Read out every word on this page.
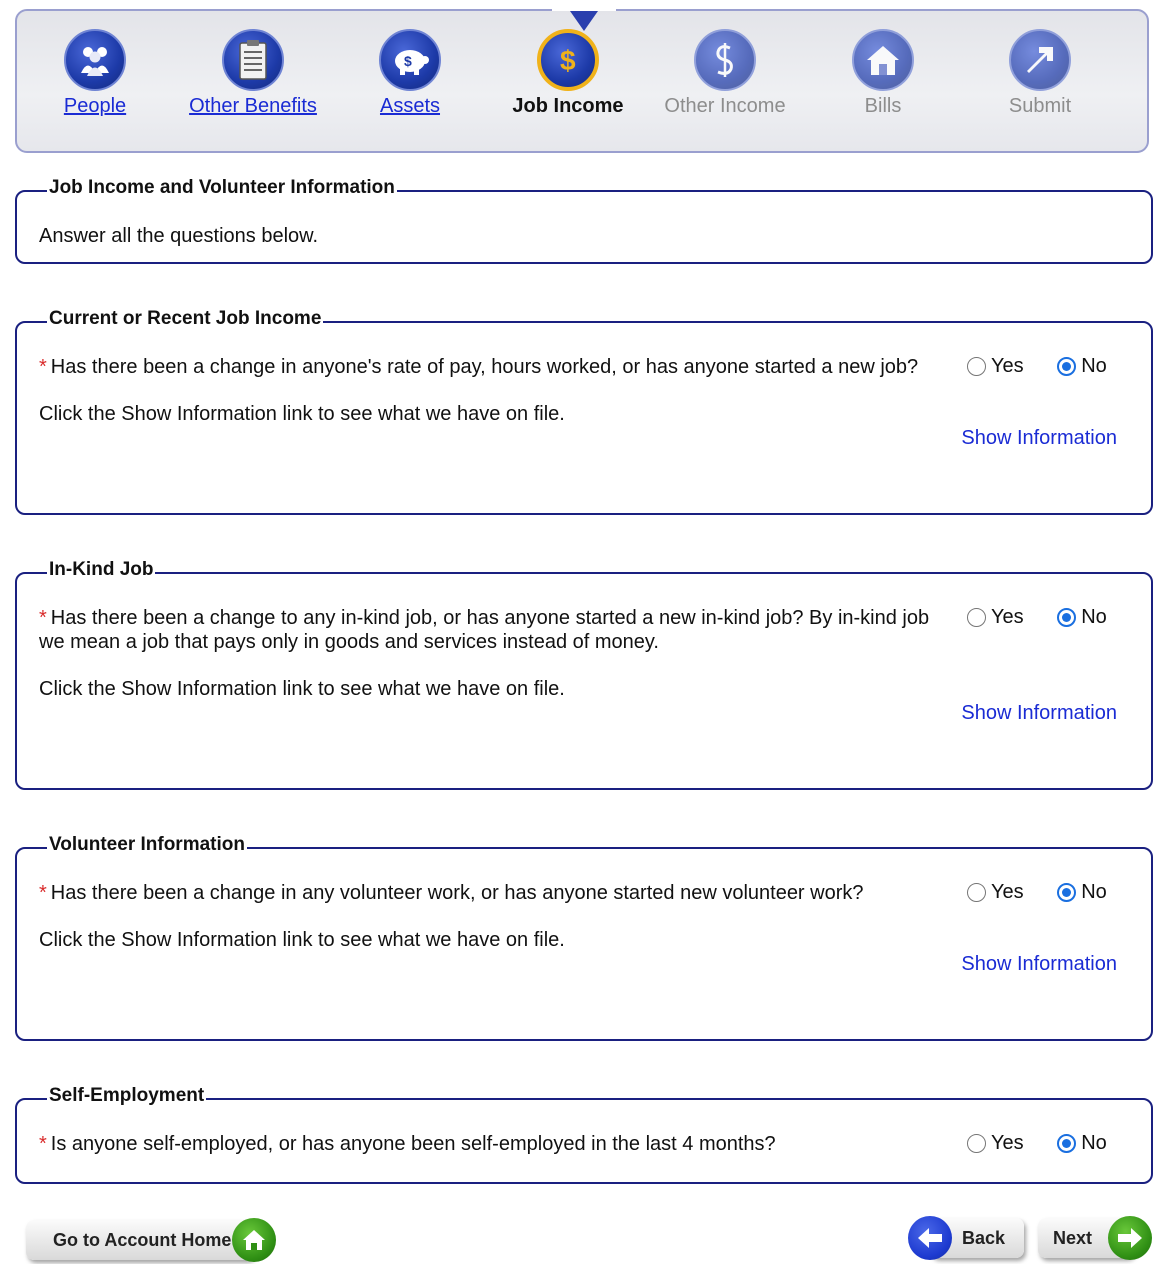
People	Other Benefits
$
Assets
$
Job Income	Other Income	Bills	Submit
Job Income and Volunteer Information
Answer all the questions below.
Current or Recent Job Income
* Has there been a change in anyone's rate of pay, hours worked, or has anyone started a new job?	Yes
	No
Click the Show Information link to see what we have on file.
Show Information
In-Kind Job
* Has there been a change to any in-kind job, or has anyone started a new in-kind job? By in-kind job we mean a job that pays only in goods and services instead of money.
Yes
	No
Click the Show Information link to see what we have on file.
Show Information
Volunteer Information
* Has there been a change in any volunteer work, or has anyone started new volunteer work?	Yes
	No
Click the Show Information link to see what we have on file.
Show Information
Self-Employment
* Is anyone self-employed, or has anyone been self-employed in the last 4 months?	Yes
	No
Go to Account Home	Back	Next
